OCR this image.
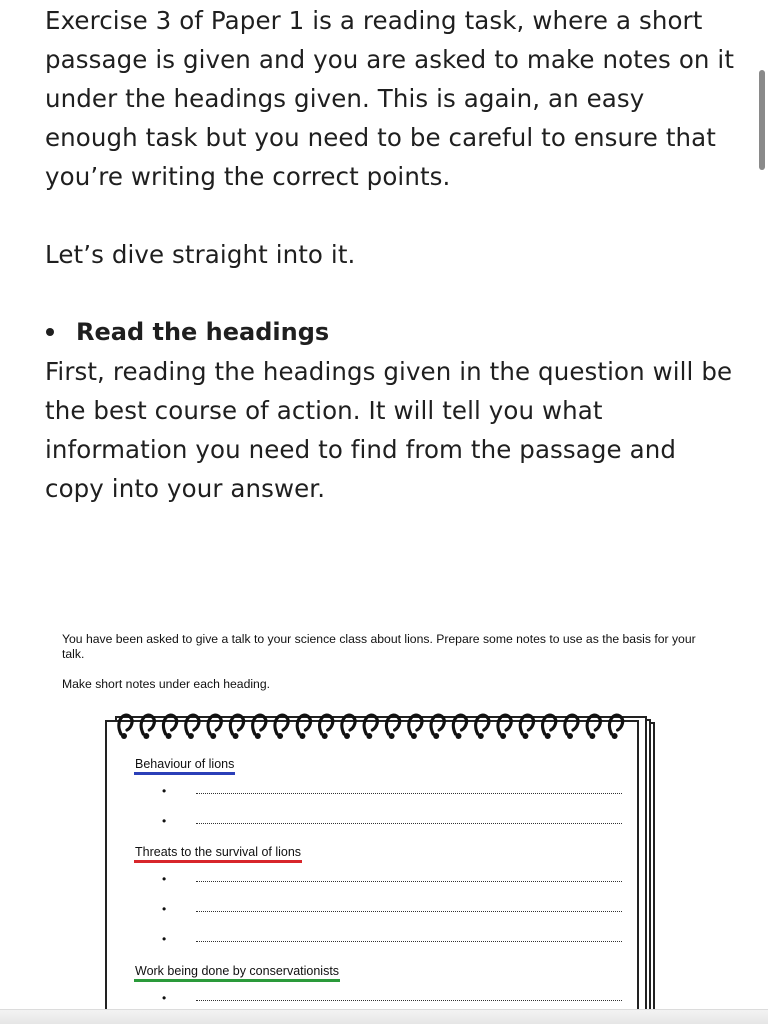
Exercise 3 of Paper 1 is a reading task, where a short passage is given and you are asked to make notes on it under the headings given. This is again, an easy enough task but you need to be careful to ensure that you’re writing the correct points.

Let’s dive straight into it.

Read the headings

First, reading the headings given in the question will be the best course of action. It will tell you what information you need to find from the passage and copy into your answer.

You have been asked to give a talk to your science class about lions. Prepare some notes to use as the basis for your talk.

Make short notes under each heading.
Behaviour of lions
•
•
Threats to the survival of lions
•
•
•
Work being done by conservationists
•
